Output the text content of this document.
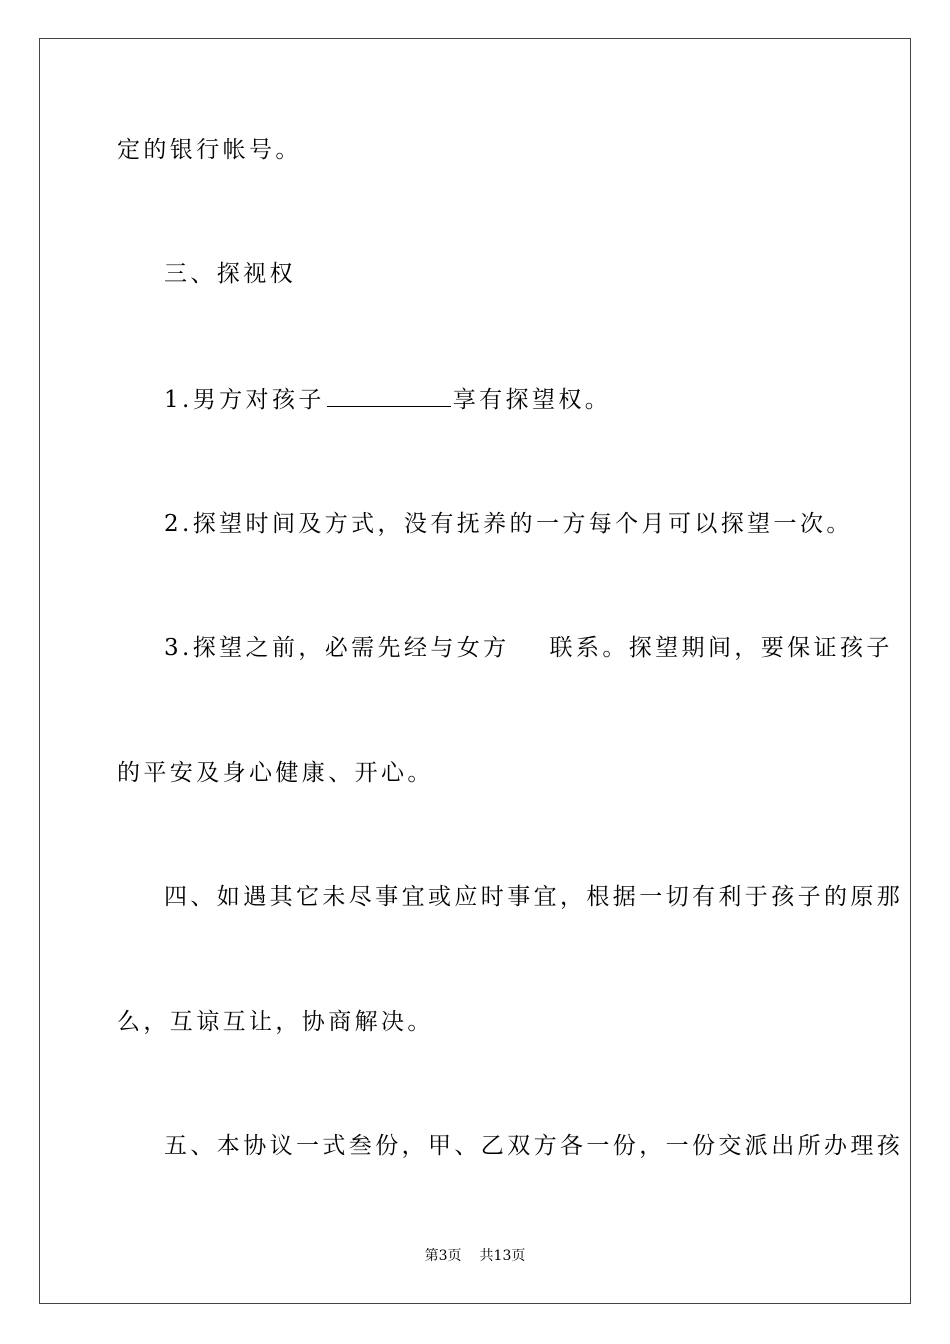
定的银行帐号。
三、探视权
1.男方对孩子	享有探望权。
2.探望时间及方式，没有抚养的一方每个月可以探望一次。
3.探望之前，必需先经与女方 联系。探望期间，要保证孩子
的平安及身心健康、开心。
四、如遇其它未尽事宜或应时事宜，根据一切有利于孩子的原那
么，互谅互让，协商解决。
五、本协议一式叁份，甲、乙双方各一份，一份交派出所办理孩
第3页 共13页
